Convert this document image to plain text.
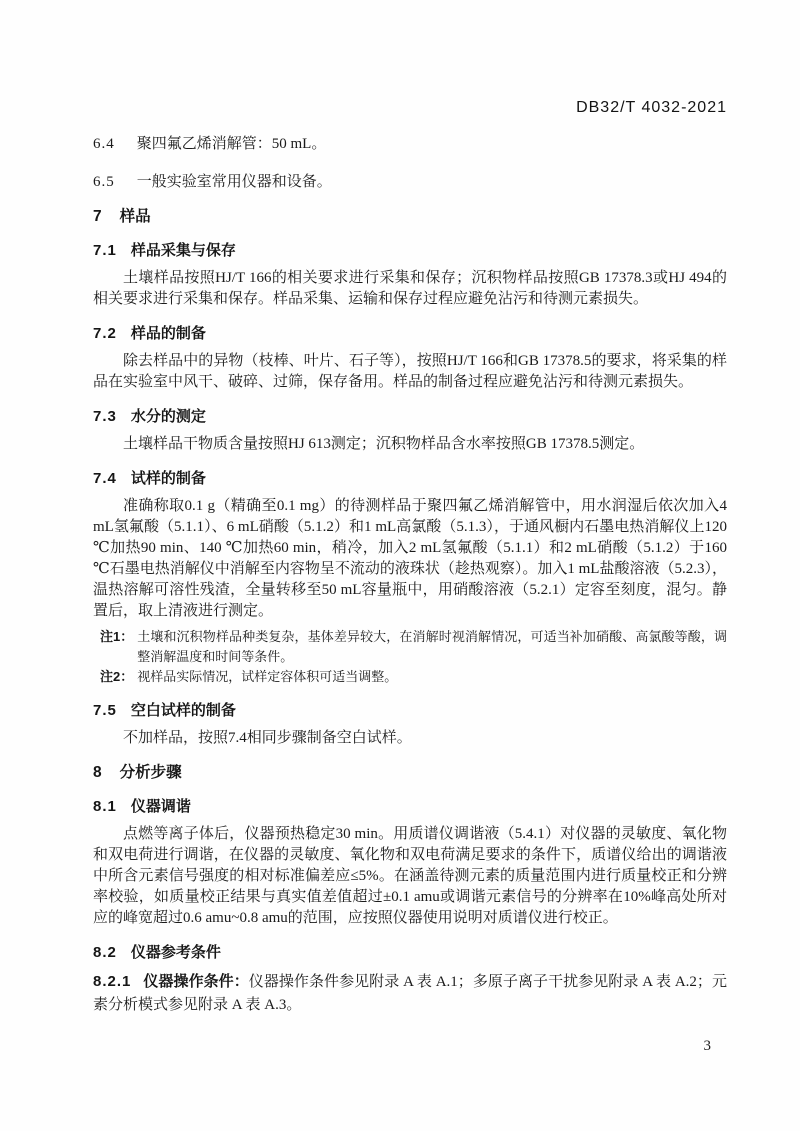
DB32/T 4032-2021
6.4 聚四氟乙烯消解管：50 mL。
6.5 一般实验室常用仪器和设备。
7 样品
7.1 样品采集与保存

土壤样品按照HJ/T 166的相关要求进行采集和保存；沉积物样品按照GB 17378.3或HJ 494的相关要求进行采集和保存。样品采集、运输和保存过程应避免沾污和待测元素损失。

7.2 样品的制备

除去样品中的异物（枝棒、叶片、石子等），按照HJ/T 166和GB 17378.5的要求，将采集的样品在实验室中风干、破碎、过筛，保存备用。样品的制备过程应避免沾污和待测元素损失。

7.3 水分的测定

土壤样品干物质含量按照HJ 613测定；沉积物样品含水率按照GB 17378.5测定。

7.4 试样的制备

准确称取0.1 g（精确至0.1 mg）的待测样品于聚四氟乙烯消解管中，用水润湿后依次加入4 mL氢氟酸（5.1.1）、6 mL硝酸（5.1.2）和1 mL高氯酸（5.1.3），于通风橱内石墨电热消解仪上120 ℃加热90 min、140 ℃加热60 min，稍冷，加入2 mL氢氟酸（5.1.1）和2 mL硝酸（5.1.2）于160 ℃石墨电热消解仪中消解至内容物呈不流动的液珠状（趁热观察）。加入1 mL盐酸溶液（5.2.3），温热溶解可溶性残渣，全量转移至50 mL容量瓶中，用硝酸溶液（5.2.1）定容至刻度，混匀。静置后，取上清液进行测定。

注1： 土壤和沉积物样品种类复杂，基体差异较大，在消解时视消解情况，可适当补加硝酸、高氯酸等酸，调整消解温度和时间等条件。
注2： 视样品实际情况，试样定容体积可适当调整。
7.5 空白试样的制备

不加样品，按照7.4相同步骤制备空白试样。

8 分析步骤
8.1 仪器调谐

点燃等离子体后，仪器预热稳定30 min。用质谱仪调谐液（5.4.1）对仪器的灵敏度、氧化物和双电荷进行调谐，在仪器的灵敏度、氧化物和双电荷满足要求的条件下，质谱仪给出的调谐液中所含元素信号强度的相对标准偏差应≤5%。在涵盖待测元素的质量范围内进行质量校正和分辨率校验，如质量校正结果与真实值差值超过±0.1 amu或调谐元素信号的分辨率在10%峰高处所对应的峰宽超过0.6 amu~0.8 amu的范围，应按照仪器使用说明对质谱仪进行校正。

8.2 仪器参考条件

8.2.1 仪器操作条件：仪器操作条件参见附录 A 表 A.1；多原子离子干扰参见附录 A 表 A.2；元素分析模式参见附录 A 表 A.3。

3
